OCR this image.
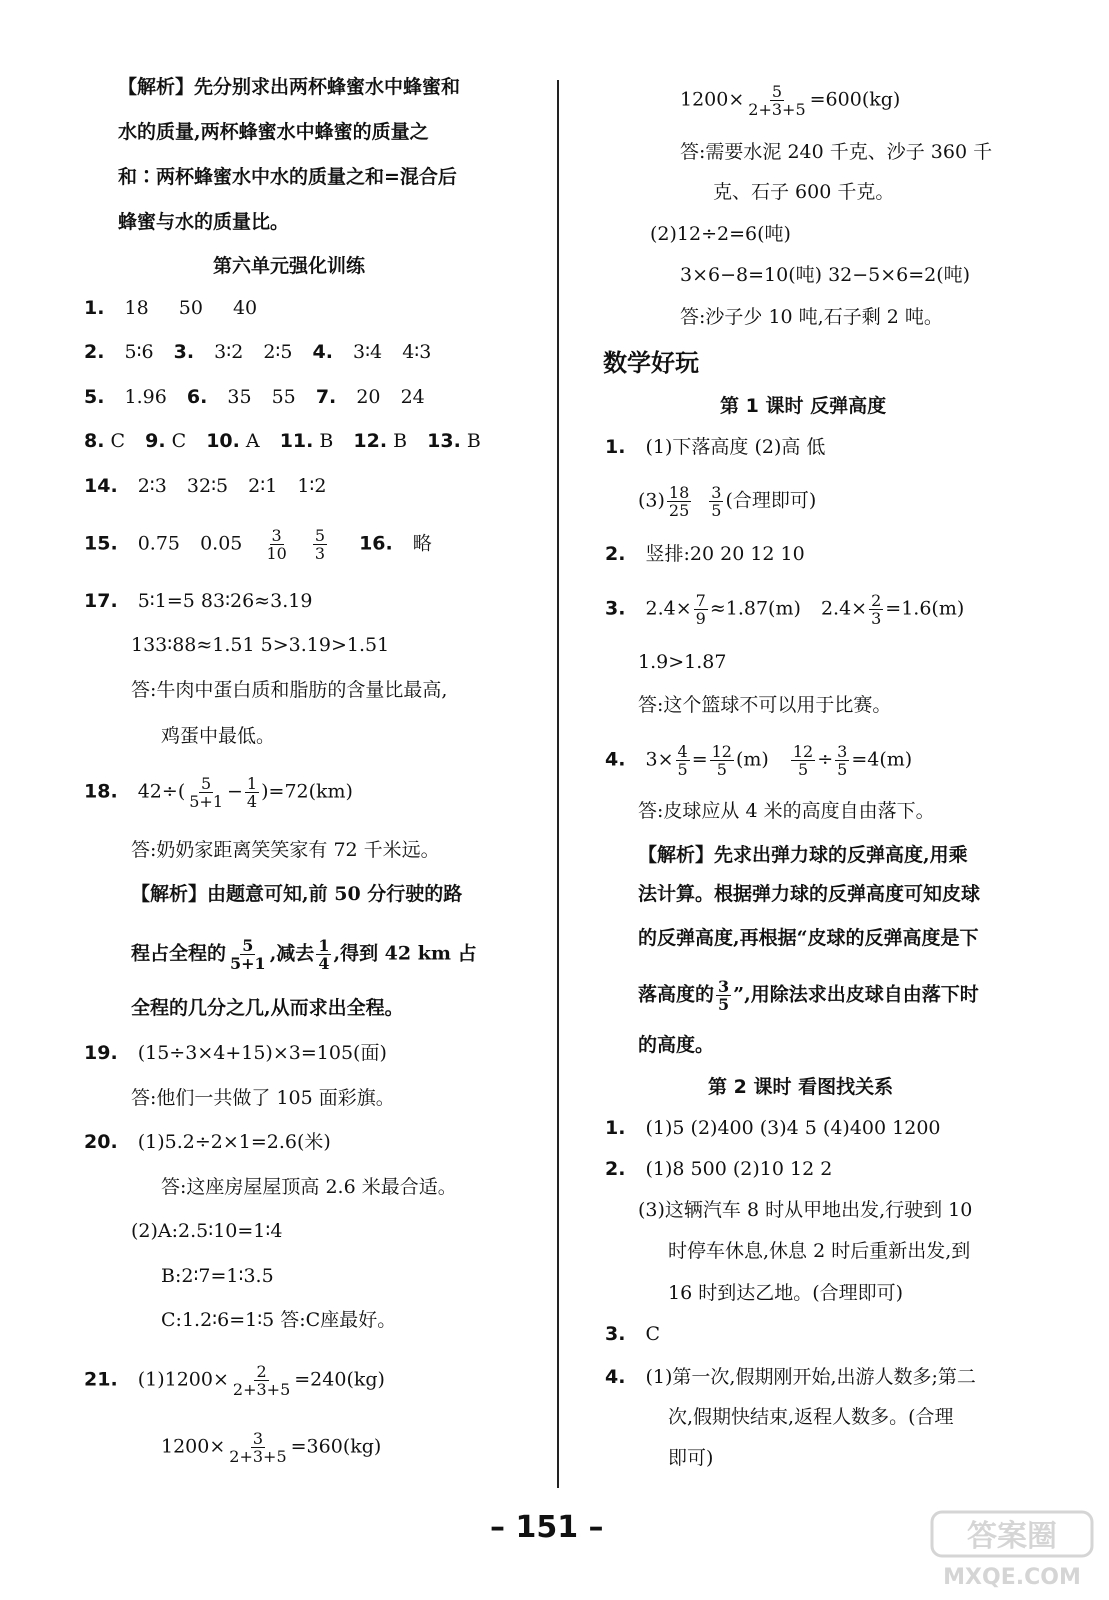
【解析】先分别求出两杯蜂蜜水中蜂蜜和
水的质量,两杯蜂蜜水中蜂蜜的质量之
和∶两杯蜂蜜水中水的质量之和=混合后
蜂蜜与水的质量比。
第六单元强化训练
1. 18 50 40
2. 5∶6 3. 3∶2 2∶5 4. 3∶4 4∶3
5. 1.96 6. 35 55 7. 20 24
8. C 9. C 10. A 11. B 12. B 13. B
14. 2∶3 32∶5 2∶1 1∶2
15. 0.75 $0.05 \frac{3}{10}$
$\frac{5}{3} 16$. 略
17. 5∶1=5 83∶26≈3.19
133∶88≈1.51 5>3.19>1.51
答:牛肉中蛋白质和脂肪的含量比最高,
鸡蛋中最低。
18. $42\div( \frac{5}{5+1} - \frac{1}{4} )=72(km)$
答:奶奶家距离笑笑家有 72 千米远。
【解析】由题意可知,前 50 分行驶的路
程占全程的 $\frac{5}{5+1}$ ,减去 $\frac{1}{4}$ ,得到 42 km 占
全程的几分之几,从而求出全程。
19. (15÷3×4+15)×3=105(面)
答:他们一共做了 105 面彩旗。
20. (1)5.2÷2×1=2.6(米)
答:这座房屋屋顶高 2.6 米最合适。
(2)A:2.5∶10=1∶4
B:2∶7=1∶3.5
C:1.2∶6=1∶5 答:C座最好。
21. $(1)1200\times \frac{2}{2+3+5} =240(kg)$
$1200\times \frac{3}{2+3+5} =360(kg)$
$1200\times \frac{5}{2+3+5} =600(kg)$
答:需要水泥 240 千克、沙子 360 千
克、石子 600 千克。
(2)12÷2=6(吨)
3×6−8=10(吨) 32−5×6=2(吨)
答:沙子少 10 吨,石子剩 2 吨。
数学好玩
第 1 课时 反弹高度
1. (1)下落高度 (2)高 低
$(3) \frac{18}{25} \frac{3}{5}$ (合理即可)
2. 竖排:20 20 12 10
3. $2.4\times \frac{7}{9} \approx 1.87(m)$ $2.4\times \frac{2}{3} =1.6(m)$
1.9>1.87
答:这个篮球不可以用于比赛。
4. $3\times \frac{4}{5} = \frac{12}{5} (m) \frac{12}{5} \div \frac{3}{5} =4(m)$
答:皮球应从 4 米的高度自由落下。
【解析】先求出弹力球的反弹高度,用乘
法计算。根据弹力球的反弹高度可知皮球
的反弹高度,再根据“皮球的反弹高度是下
落高度的 $\frac{3}{5}$ ”,用除法求出皮球自由落下时
的高度。
第 2 课时 看图找关系
1. (1)5 (2)400 (3)4 5 (4)400 1200
2. (1)8 500 (2)10 12 2
(3)这辆汽车 8 时从甲地出发,行驶到 10
时停车休息,休息 2 时后重新出发,到
16 时到达乙地。(合理即可)
3. C
4. (1)第一次,假期刚开始,出游人数多;第二
次,假期快结束,返程人数多。(合理
即可)
– 151 –	答案圈
MXQE.COM
